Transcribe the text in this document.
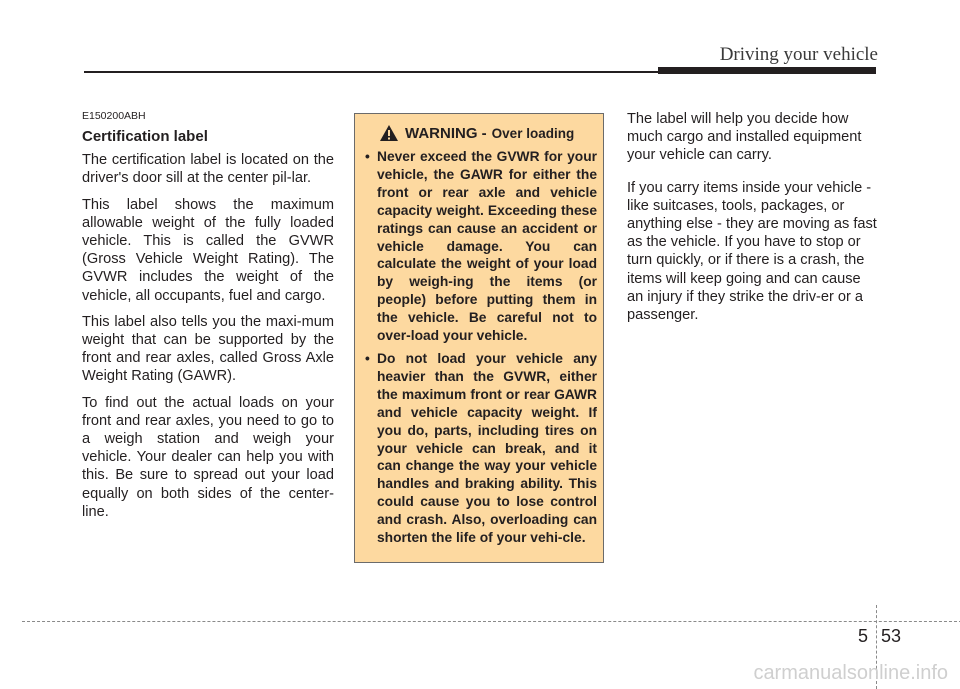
Driving your vehicle

E150200ABH

Certification label

The certification label is located on the driver's door sill at the center pil-lar.

This label shows the maximum allowable weight of the fully loaded vehicle. This is called the GVWR (Gross Vehicle Weight Rating). The GVWR includes the weight of the vehicle, all occupants, fuel and cargo.

This label also tells you the maxi-mum weight that can be supported by the front and rear axles, called Gross Axle Weight Rating (GAWR).

To find out the actual loads on your front and rear axles, you need to go to a weigh station and weigh your vehicle. Your dealer can help you with this. Be sure to spread out your load equally on both sides of the center-line.

WARNING - Over loading
• Never exceed the GVWR for your vehicle, the GAWR for either the front or rear axle and vehicle capacity weight. Exceeding these ratings can cause an accident or vehicle damage. You can calculate the weight of your load by weigh-ing the items (or people) before putting them in the vehicle. Be careful not to over-load your vehicle.
• Do not load your vehicle any heavier than the GVWR, either the maximum front or rear GAWR and vehicle capacity weight. If you do, parts, including tires on your vehicle can break, and it can change the way your vehicle handles and braking ability. This could cause you to lose control and crash. Also, overloading can shorten the life of your vehi-cle.

The label will help you decide how much cargo and installed equipment your vehicle can carry.

If you carry items inside your vehicle - like suitcases, tools, packages, or anything else - they are moving as fast as the vehicle. If you have to stop or turn quickly, or if there is a crash, the items will keep going and can cause an injury if they strike the driv-er or a passenger.

5 53
carmanualsonline.info
